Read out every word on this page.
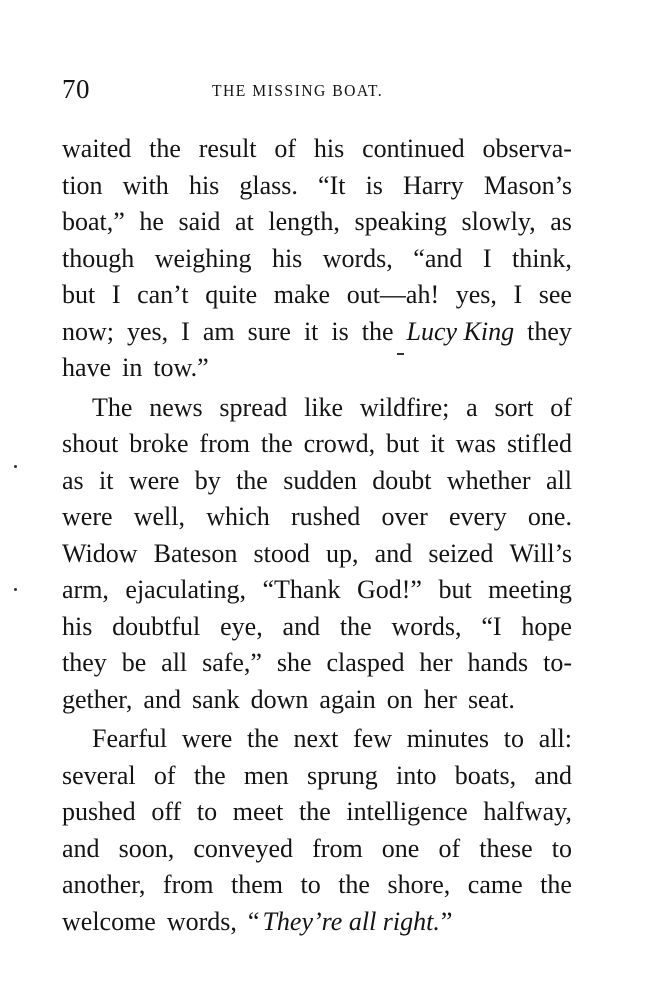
70	THE MISSING BOAT.
waited the result of his continued observa-
tion with his glass. “It is Harry Mason’s
boat,” he said at length, speaking slowly, as
though weighing his words, “and I think,
but I can’t quite make out—ah! yes, I see
now; yes, I am sure it is the Lucy King they
have in tow.”
The news spread like wildfire; a sort of
shout broke from the crowd, but it was stifled
as it were by the sudden doubt whether all
were well, which rushed over every one.
Widow Bateson stood up, and seized Will’s
arm, ejaculating, “Thank God!” but meeting
his doubtful eye, and the words, “I hope
they be all safe,” she clasped her hands to-
gether, and sank down again on her seat.
Fearful were the next few minutes to all:
several of the men sprung into boats, and
pushed off to meet the intelligence halfway,
and soon, conveyed from one of these to
another, from them to the shore, came the
welcome words, “ They’re all right. ”
